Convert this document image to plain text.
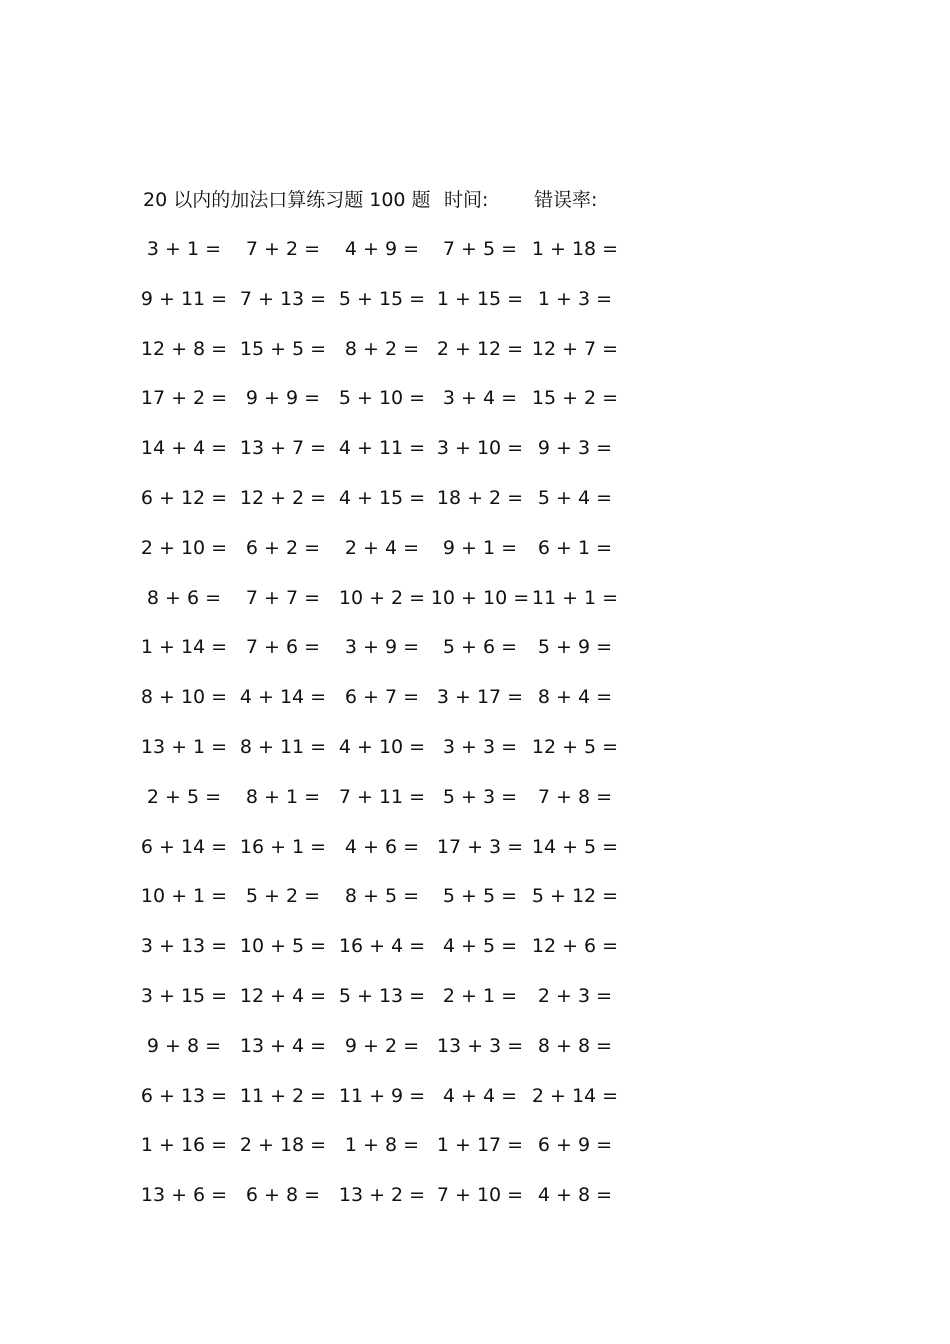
20 以内的加法口算练习题 100 题 时间: 错误率:
3 + 1 =	7 + 2 =	4 + 9 =	7 + 5 = 1 + 18 =
9 + 11 = 7 + 13 = 5 + 15 = 1 + 15 = 1 + 3 =
12 + 8 = 15 + 5 = 8 + 2 = 2 + 12 = 12 + 7 =
17 + 2 = 9 + 9 = 5 + 10 = 3 + 4 = 15 + 2 =
14 + 4 = 13 + 7 = 4 + 11 = 3 + 10 = 9 + 3 =
6 + 12 = 12 + 2 = 4 + 15 = 18 + 2 = 5 + 4 =
2 + 10 = 6 + 2 =	2 + 4 =	9 + 1 =	6 + 1 =
8 + 6 =	7 + 7 = 10 + 2 = 10 + 10 = 11 + 1 =
1 + 14 = 7 + 6 =	3 + 9 =	5 + 6 =	5 + 9 =
8 + 10 = 4 + 14 = 6 + 7 = 3 + 17 = 8 + 4 =
13 + 1 = 8 + 11 = 4 + 10 = 3 + 3 = 12 + 5 =
2 + 5 =	8 + 1 = 7 + 11 = 5 + 3 =	7 + 8 =
6 + 14 = 16 + 1 = 4 + 6 = 17 + 3 = 14 + 5 =
10 + 1 = 5 + 2 =	8 + 5 =	5 + 5 = 5 + 12 =
3 + 13 = 10 + 5 = 16 + 4 = 4 + 5 = 12 + 6 =
3 + 15 = 12 + 4 = 5 + 13 = 2 + 1 =	2 + 3 =
9 + 8 = 13 + 4 = 9 + 2 = 13 + 3 = 8 + 8 =
6 + 13 = 11 + 2 = 11 + 9 = 4 + 4 = 2 + 14 =
1 + 16 = 2 + 18 = 1 + 8 = 1 + 17 = 6 + 9 =
13 + 6 = 6 + 8 = 13 + 2 = 7 + 10 = 4 + 8 =
